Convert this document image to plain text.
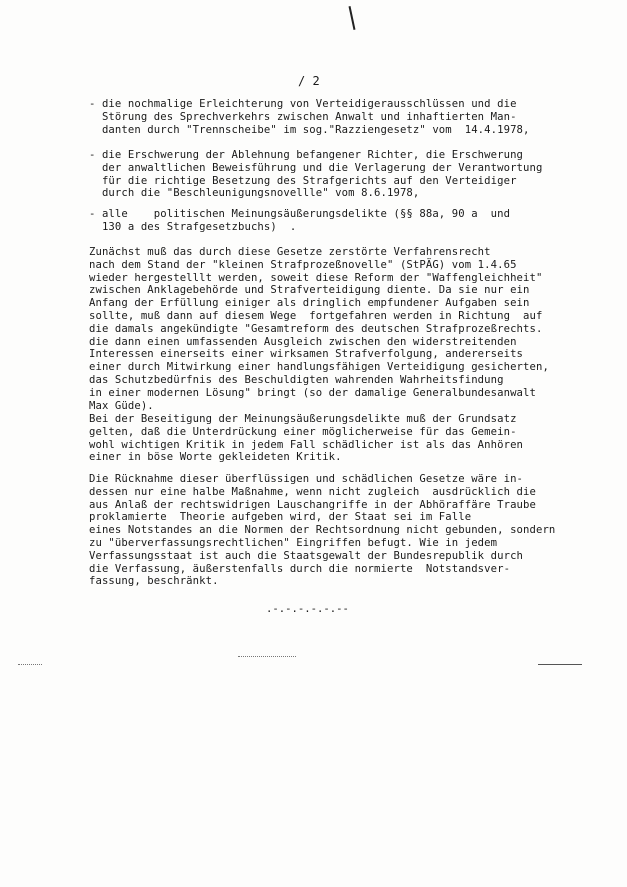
/ 2
- die nochmalige Erleichterung von Verteidigerausschlüssen und die
Störung des Sprechverkehrs zwischen Anwalt und inhaftierten Man-
danten durch "Trennscheibe" im sog."Razziengesetz" vom  14.4.1978,
- die Erschwerung der Ablehnung befangener Richter, die Erschwerung
der anwaltlichen Beweisführung und die Verlagerung der Verantwortung
für die richtige Besetzung des Strafgerichts auf den Verteidiger
durch die "Beschleunigungsnovellle" vom 8.6.1978,
- alle    politischen Meinungsäußerungsdelikte (§§ 88a, 90 a  und
130 a des Strafgesetzbuchs)  .
Zunächst muß das durch diese Gesetze zerstörte Verfahrensrecht
nach dem Stand der "kleinen Strafprozeßnovelle" (StPÄG) vom 1.4.65
wieder hergestelllt werden, soweit diese Reform der "Waffengleichheit"
zwischen Anklagebehörde und Strafverteidigung diente. Da sie nur ein
Anfang der Erfüllung einiger als dringlich empfundener Aufgaben sein
sollte, muß dann auf diesem Wege  fortgefahren werden in Richtung  auf
die damals angekündigte "Gesamtreform des deutschen Strafprozeßrechts.
die dann einen umfassenden Ausgleich zwischen den widerstreitenden
Interessen einerseits einer wirksamen Strafverfolgung, andererseits
einer durch Mitwirkung einer handlungsfähigen Verteidigung gesicherten,
das Schutzbedürfnis des Beschuldigten wahrenden Wahrheitsfindung
in einer modernen Lösung" bringt (so der damalige Generalbundesanwalt
Max Güde).
Bei der Beseitigung der Meinungsäußerungsdelikte muß der Grundsatz
gelten, daß die Unterdrückung einer möglicherweise für das Gemein-
wohl wichtigen Kritik in jedem Fall schädlicher ist als das Anhören
einer in böse Worte gekleideten Kritik.
Die Rücknahme dieser überflüssigen und schädlichen Gesetze wäre in-
dessen nur eine halbe Maßnahme, wenn nicht zugleich  ausdrücklich die
aus Anlaß der rechtswidrigen Lauschangriffe in der Abhöraffäre Traube
proklamierte  Theorie aufgeben wird, der Staat sei im Falle
eines Notstandes an die Normen der Rechtsordnung nicht gebunden, sondern
zu "überverfassungsrechtlichen" Eingriffen befugt. Wie in jedem
Verfassungsstaat ist auch die Staatsgewalt der Bundesrepublik durch
die Verfassung, äußerstenfalls durch die normierte  Notstandsver-
fassung, beschränkt.
.-.-.-.-.-.--
